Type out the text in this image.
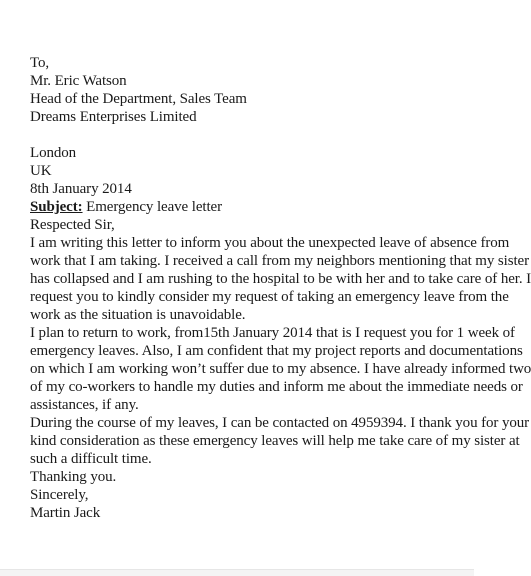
To,
Mr. Eric Watson
Head of the Department, Sales Team
Dreams Enterprises Limited
London
UK
8th January 2014
Subject: Emergency leave letter
Respected Sir,
I am writing this letter to inform you about the unexpected leave of absence from
work that I am taking. I received a call from my neighbors mentioning that my sister
has collapsed and I am rushing to the hospital to be with her and to take care of her. I
request you to kindly consider my request of taking an emergency leave from the
work as the situation is unavoidable.
I plan to return to work, from15th January 2014 that is I request you for 1 week of
emergency leaves. Also, I am confident that my project reports and documentations
on which I am working won’t suffer due to my absence. I have already informed two
of my co-workers to handle my duties and inform me about the immediate needs or
assistances, if any.
During the course of my leaves, I can be contacted on 4959394. I thank you for your
kind consideration as these emergency leaves will help me take care of my sister at
such a difficult time.
Thanking you.
Sincerely,
Martin Jack
